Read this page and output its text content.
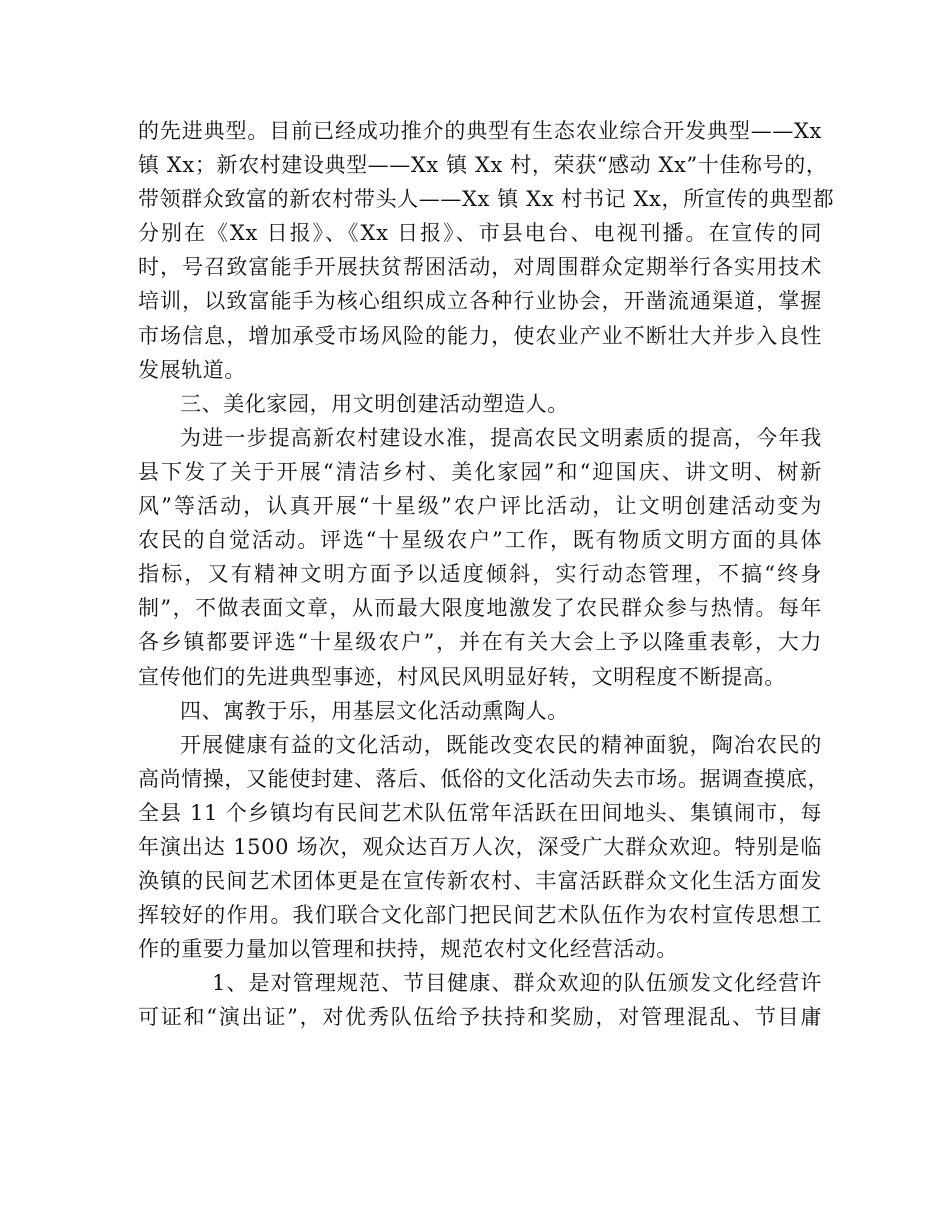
的先进典型。目前已经成功推介的典型有生态农业综合开发典型——Xx
镇 Xx；新农村建设典型——Xx 镇 Xx 村，荣获“感动 Xx”十佳称号的，
带领群众致富的新农村带头人——Xx 镇 Xx 村书记 Xx，所宣传的典型都
分别在《Xx 日报》、《Xx 日报》、市县电台、电视刊播。在宣传的同
时，号召致富能手开展扶贫帮困活动，对周围群众定期举行各实用技术
培训，以致富能手为核心组织成立各种行业协会，开凿流通渠道，掌握
市场信息，增加承受市场风险的能力，使农业产业不断壮大并步入良性
发展轨道。
三、美化家园，用文明创建活动塑造人。
为进一步提高新农村建设水准，提高农民文明素质的提高，今年我
县下发了关于开展“清洁乡村、美化家园”和“迎国庆、讲文明、树新
风”等活动，认真开展“十星级”农户评比活动，让文明创建活动变为
农民的自觉活动。评选“十星级农户”工作，既有物质文明方面的具体
指标，又有精神文明方面予以适度倾斜，实行动态管理，不搞“终身
制”，不做表面文章，从而最大限度地激发了农民群众参与热情。每年
各乡镇都要评选“十星级农户”，并在有关大会上予以隆重表彰，大力
宣传他们的先进典型事迹，村风民风明显好转，文明程度不断提高。
四、寓教于乐，用基层文化活动熏陶人。
开展健康有益的文化活动，既能改变农民的精神面貌，陶冶农民的
高尚情操，又能使封建、落后、低俗的文化活动失去市场。据调查摸底，
全县 11 个乡镇均有民间艺术队伍常年活跃在田间地头、集镇闹市，每
年演出达 1500 场次，观众达百万人次，深受广大群众欢迎。特别是临
涣镇的民间艺术团体更是在宣传新农村、丰富活跃群众文化生活方面发
挥较好的作用。我们联合文化部门把民间艺术队伍作为农村宣传思想工
作的重要力量加以管理和扶持，规范农村文化经营活动。
1、是对管理规范、节目健康、群众欢迎的队伍颁发文化经营许
可证和“演出证”，对优秀队伍给予扶持和奖励，对管理混乱、节目庸
